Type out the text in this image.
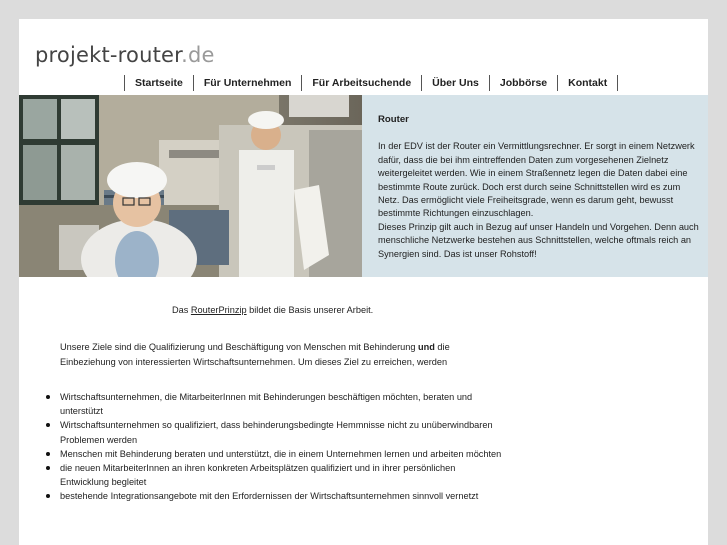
projekt-router.de
Startseite	Für Unternehmen	Für Arbeitsuchende	Über Uns	Jobbörse	Kontakt
Router

In der EDV ist der Router ein Vermittlungsrechner. Er sorgt in einem Netzwerk dafür, dass die bei ihm eintreffenden Daten zum vorgesehenen Zielnetz weitergeleitet werden. Wie in einem Straßennetz legen die Daten dabei eine bestimmte Route zurück. Doch erst durch seine Schnittstellen wird es zum Netz. Das ermöglicht viele Freiheitsgrade, wenn es darum geht, bewusst bestimmte Richtungen einzuschlagen.

Dieses Prinzip gilt auch in Bezug auf unser Handeln und Vorgehen. Denn auch menschliche Netzwerke bestehen aus Schnittstellen, welche oftmals reich an Synergien sind. Das ist unser Rohstoff!

Das RouterPrinzip bildet die Basis unserer Arbeit.
Unsere Ziele sind die Qualifizierung und Beschäftigung von Menschen mit Behinderung und die Einbeziehung von interessierten Wirtschaftsunternehmen. Um dieses Ziel zu erreichen, werden
Wirtschaftsunternehmen, die MitarbeiterInnen mit Behinderungen beschäftigen möchten, beraten und unterstützt
Wirtschaftsunternehmen so qualifiziert, dass behinderungsbedingte Hemmnisse nicht zu unüberwindbaren Problemen werden
Menschen mit Behinderung beraten und unterstützt, die in einem Unternehmen lernen und arbeiten möchten
die neuen MitarbeiterInnen an ihren konkreten Arbeitsplätzen qualifiziert und in ihrer persönlichen Entwicklung begleitet
bestehende Integrationsangebote mit den Erfordernissen der Wirtschaftsunternehmen sinnvoll vernetzt
